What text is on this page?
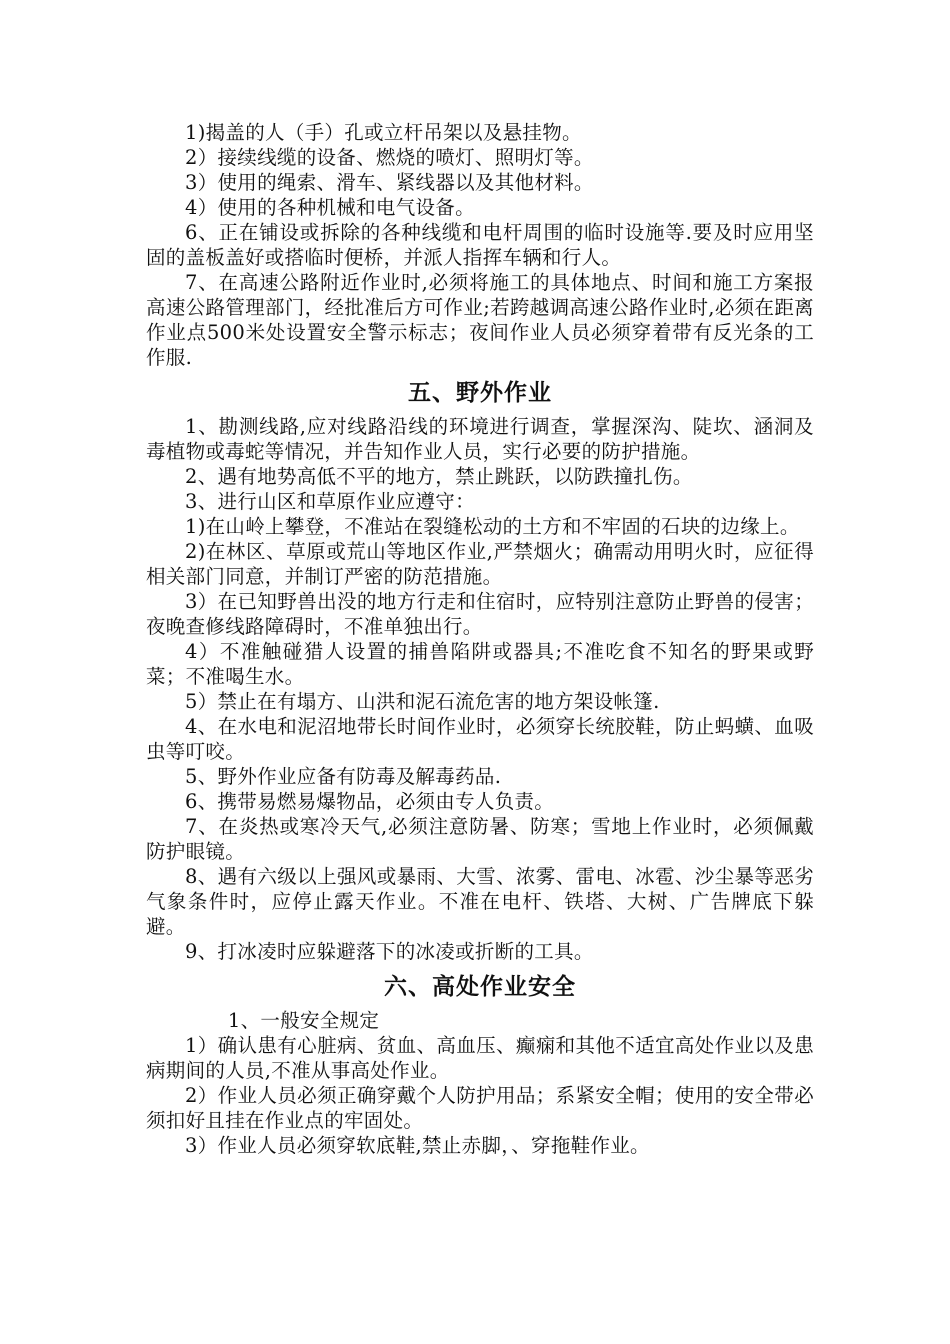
1)揭盖的人（手）孔或立杆吊架以及悬挂物。

2）接续线缆的设备、燃烧的喷灯、照明灯等。

3）使用的绳索、滑车、紧线器以及其他材料。

4）使用的各种机械和电气设备。

6、正在铺设或拆除的各种线缆和电杆周围的临时设施等.要及时应用坚固的盖板盖好或搭临时便桥，并派人指挥车辆和行人。

7、在高速公路附近作业时,必须将施工的具体地点、时间和施工方案报高速公路管理部门，经批准后方可作业;若跨越调高速公路作业时,必须在距离作业点500米处设置安全警示标志；夜间作业人员必须穿着带有反光条的工作服.

五、野外作业

1、勘测线路,应对线路沿线的环境进行调查，掌握深沟、陡坎、涵洞及毒植物或毒蛇等情况，并告知作业人员，实行必要的防护措施。

2、遇有地势高低不平的地方，禁止跳跃，以防跌撞扎伤。

3、进行山区和草原作业应遵守：

1)在山岭上攀登，不准站在裂缝松动的土方和不牢固的石块的边缘上。

2)在林区、草原或荒山等地区作业,严禁烟火；确需动用明火时，应征得相关部门同意，并制订严密的防范措施。

3）在已知野兽出没的地方行走和住宿时，应特别注意防止野兽的侵害；夜晚查修线路障碍时，不准单独出行。

4）不准触碰猎人设置的捕兽陷阱或器具;不准吃食不知名的野果或野菜；不准喝生水。

5）禁止在有塌方、山洪和泥石流危害的地方架设帐篷.

4、在水电和泥沼地带长时间作业时，必须穿长统胶鞋，防止蚂蟥、血吸虫等叮咬。

5、野外作业应备有防毒及解毒药品.

6、携带易燃易爆物品，必须由专人负责。

7、在炎热或寒冷天气,必须注意防暑、防寒；雪地上作业时，必须佩戴防护眼镜。

8、遇有六级以上强风或暴雨、大雪、浓雾、雷电、冰雹、沙尘暴等恶劣气象条件时，应停止露天作业。不准在电杆、铁塔、大树、广告牌底下躲避。

9、打冰凌时应躲避落下的冰凌或折断的工具。

六、高处作业安全

1、一般安全规定

1）确认患有心脏病、贫血、高血压、癫痫和其他不适宜高处作业以及患病期间的人员,不准从事高处作业。

2）作业人员必须正确穿戴个人防护用品；系紧安全帽；使用的安全带必须扣好且挂在作业点的牢固处。

3）作业人员必须穿软底鞋,禁止赤脚，、穿拖鞋作业。
